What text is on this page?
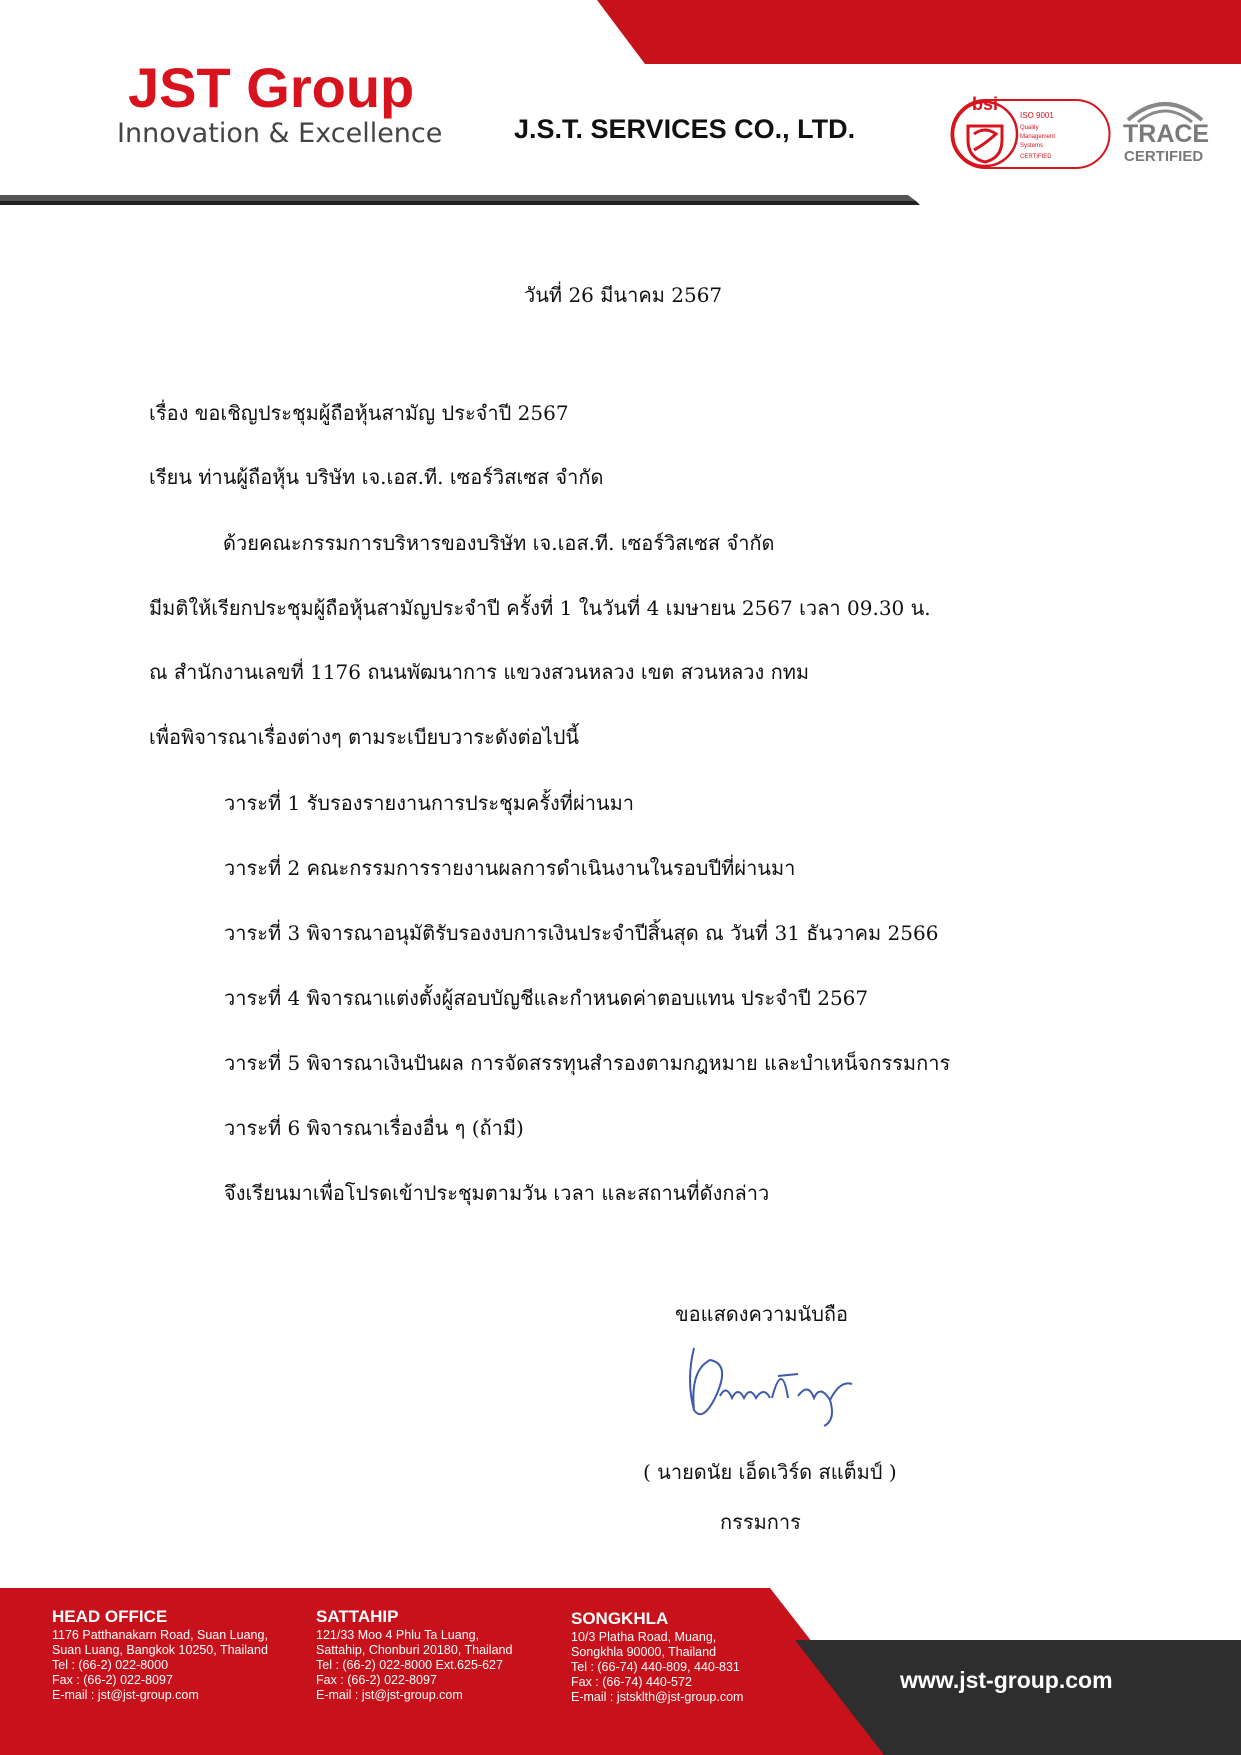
JST Group
Innovation & Excellence	J.S.T. SERVICES CO., LTD.
bsi
ISO 9001
Quality
Management
Systems
CERTIFIED
TRACE
CERTIFIED
วันที่ 26 มีนาคม 2567
เรื่อง ขอเชิญประชุมผู้ถือหุ้นสามัญ ประจำปี 2567
เรียน ท่านผู้ถือหุ้น บริษัท เจ.เอส.ที. เซอร์วิสเซส จำกัด
ด้วยคณะกรรมการบริหารของบริษัท เจ.เอส.ที. เซอร์วิสเซส จำกัด
มีมติให้เรียกประชุมผู้ถือหุ้นสามัญประจำปี ครั้งที่ 1 ในวันที่ 4 เมษายน 2567 เวลา 09.30 น.
ณ สำนักงานเลขที่ 1176 ถนนพัฒนาการ แขวงสวนหลวง เขต สวนหลวง กทม
เพื่อพิจารณาเรื่องต่างๆ ตามระเบียบวาระดังต่อไปนี้
วาระที่ 1 รับรองรายงานการประชุมครั้งที่ผ่านมา
วาระที่ 2 คณะกรรมการรายงานผลการดำเนินงานในรอบปีที่ผ่านมา
วาระที่ 3 พิจารณาอนุมัติรับรองงบการเงินประจำปีสิ้นสุด ณ วันที่ 31 ธันวาคม 2566
วาระที่ 4 พิจารณาแต่งตั้งผู้สอบบัญชีและกำหนดค่าตอบแทน ประจำปี 2567
วาระที่ 5 พิจารณาเงินปันผล การจัดสรรทุนสำรองตามกฎหมาย และบำเหน็จกรรมการ
วาระที่ 6 พิจารณาเรื่องอื่น ๆ (ถ้ามี)
จึงเรียนมาเพื่อโปรดเข้าประชุมตามวัน เวลา และสถานที่ดังกล่าว
ขอแสดงความนับถือ
( นายดนัย เอ็ดเวิร์ด สแต็มป์ )
กรรมการ
HEAD OFFICE
1176 Patthanakarn Road, Suan Luang,
Suan Luang, Bangkok 10250, Thailand
Tel : (66-2) 022-8000
Fax : (66-2) 022-8097
E-mail : jst@jst-group.com
SATTAHIP
121/33 Moo 4 Phlu Ta Luang,
Sattahip, Chonburi 20180, Thailand
Tel : (66-2) 022-8000 Ext.625-627
Fax : (66-2) 022-8097
E-mail : jst@jst-group.com
SONGKHLA
10/3 Platha Road, Muang,
Songkhla 90000, Thailand
Tel : (66-74) 440-809, 440-831
Fax : (66-74) 440-572
E-mail : jstsklth@jst-group.com
www.jst-group.com
